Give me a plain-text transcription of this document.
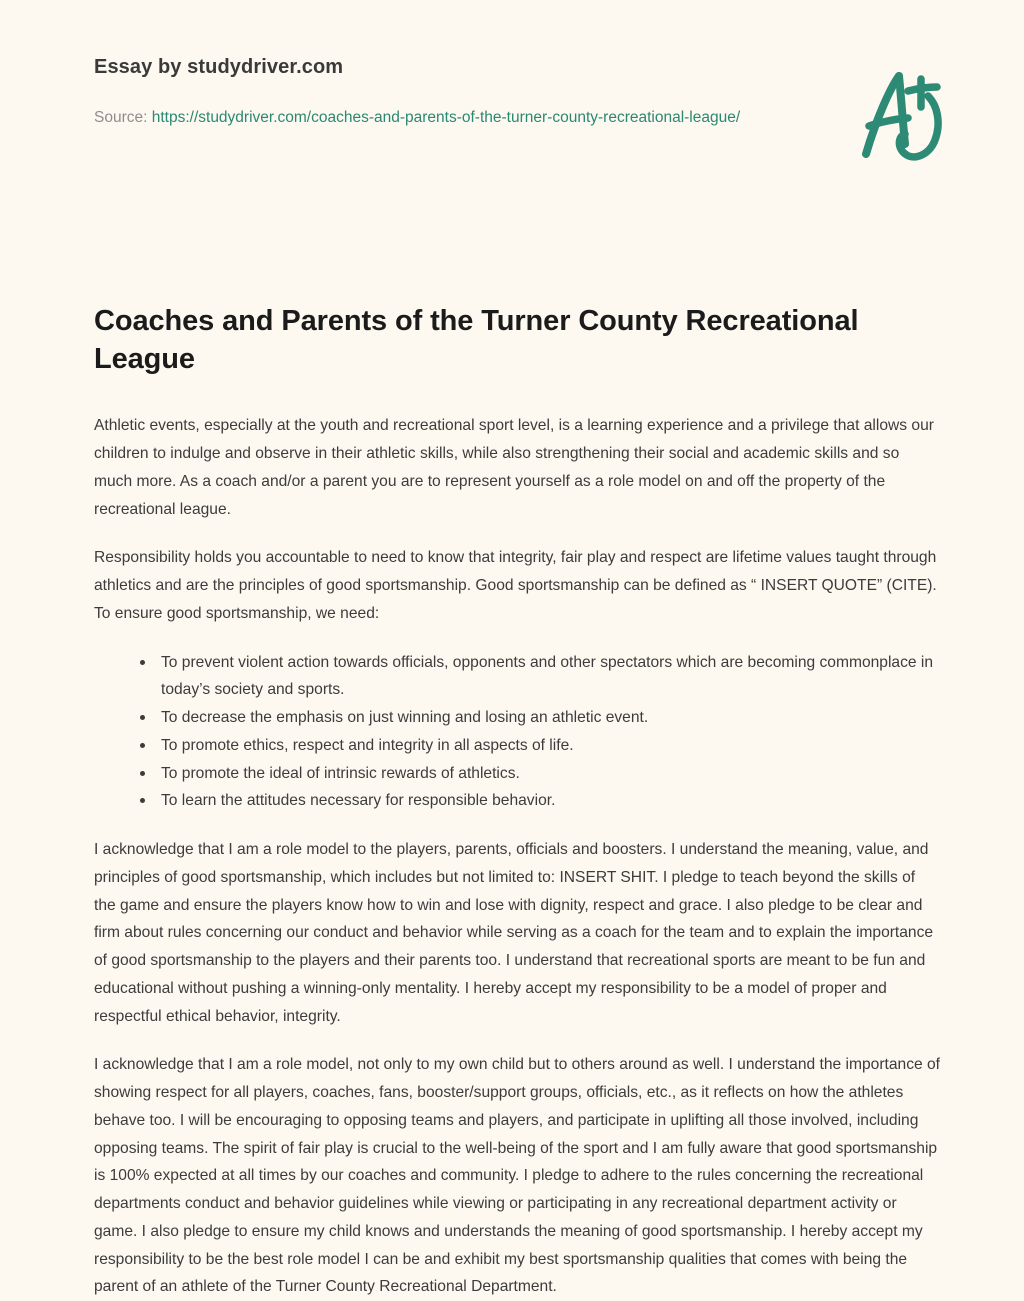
Essay by studydriver.com
Source: https://studydriver.com/coaches-and-parents-of-the-turner-county-recreational-league/
Coaches and Parents of the Turner County Recreational League

Athletic events, especially at the youth and recreational sport level, is a learning experience and a privilege that allows our children to indulge and observe in their athletic skills, while also strengthening their social and academic skills and so much more. As a coach and/or a parent you are to represent yourself as a role model on and off the property of the recreational league.

Responsibility holds you accountable to need to know that integrity, fair play and respect are lifetime values taught through athletics and are the principles of good sportsmanship. Good sportsmanship can be defined as “ INSERT QUOTE” (CITE). To ensure good sportsmanship, we need:

To prevent violent action towards officials, opponents and other spectators which are becoming commonplace in today’s society and sports.
To decrease the emphasis on just winning and losing an athletic event.
To promote ethics, respect and integrity in all aspects of life.
To promote the ideal of intrinsic rewards of athletics.
To learn the attitudes necessary for responsible behavior.

I acknowledge that I am a role model to the players, parents, officials and boosters. I understand the meaning, value, and principles of good sportsmanship, which includes but not limited to: INSERT SHIT. I pledge to teach beyond the skills of the game and ensure the players know how to win and lose with dignity, respect and grace. I also pledge to be clear and firm about rules concerning our conduct and behavior while serving as a coach for the team and to explain the importance of good sportsmanship to the players and their parents too. I understand that recreational sports are meant to be fun and educational without pushing a winning-only mentality. I hereby accept my responsibility to be a model of proper and respectful ethical behavior, integrity.

I acknowledge that I am a role model, not only to my own child but to others around as well. I understand the importance of showing respect for all players, coaches, fans, booster/support groups, officials, etc., as it reflects on how the athletes behave too. I will be encouraging to opposing teams and players, and participate in uplifting all those involved, including opposing teams. The spirit of fair play is crucial to the well-being of the sport and I am fully aware that good sportsmanship is 100% expected at all times by our coaches and community. I pledge to adhere to the rules concerning the recreational departments conduct and behavior guidelines while viewing or participating in any recreational department activity or game. I also pledge to ensure my child knows and understands the meaning of good sportsmanship. I hereby accept my responsibility to be the best role model I can be and exhibit my best sportsmanship qualities that comes with being the parent of an athlete of the Turner County Recreational Department.
